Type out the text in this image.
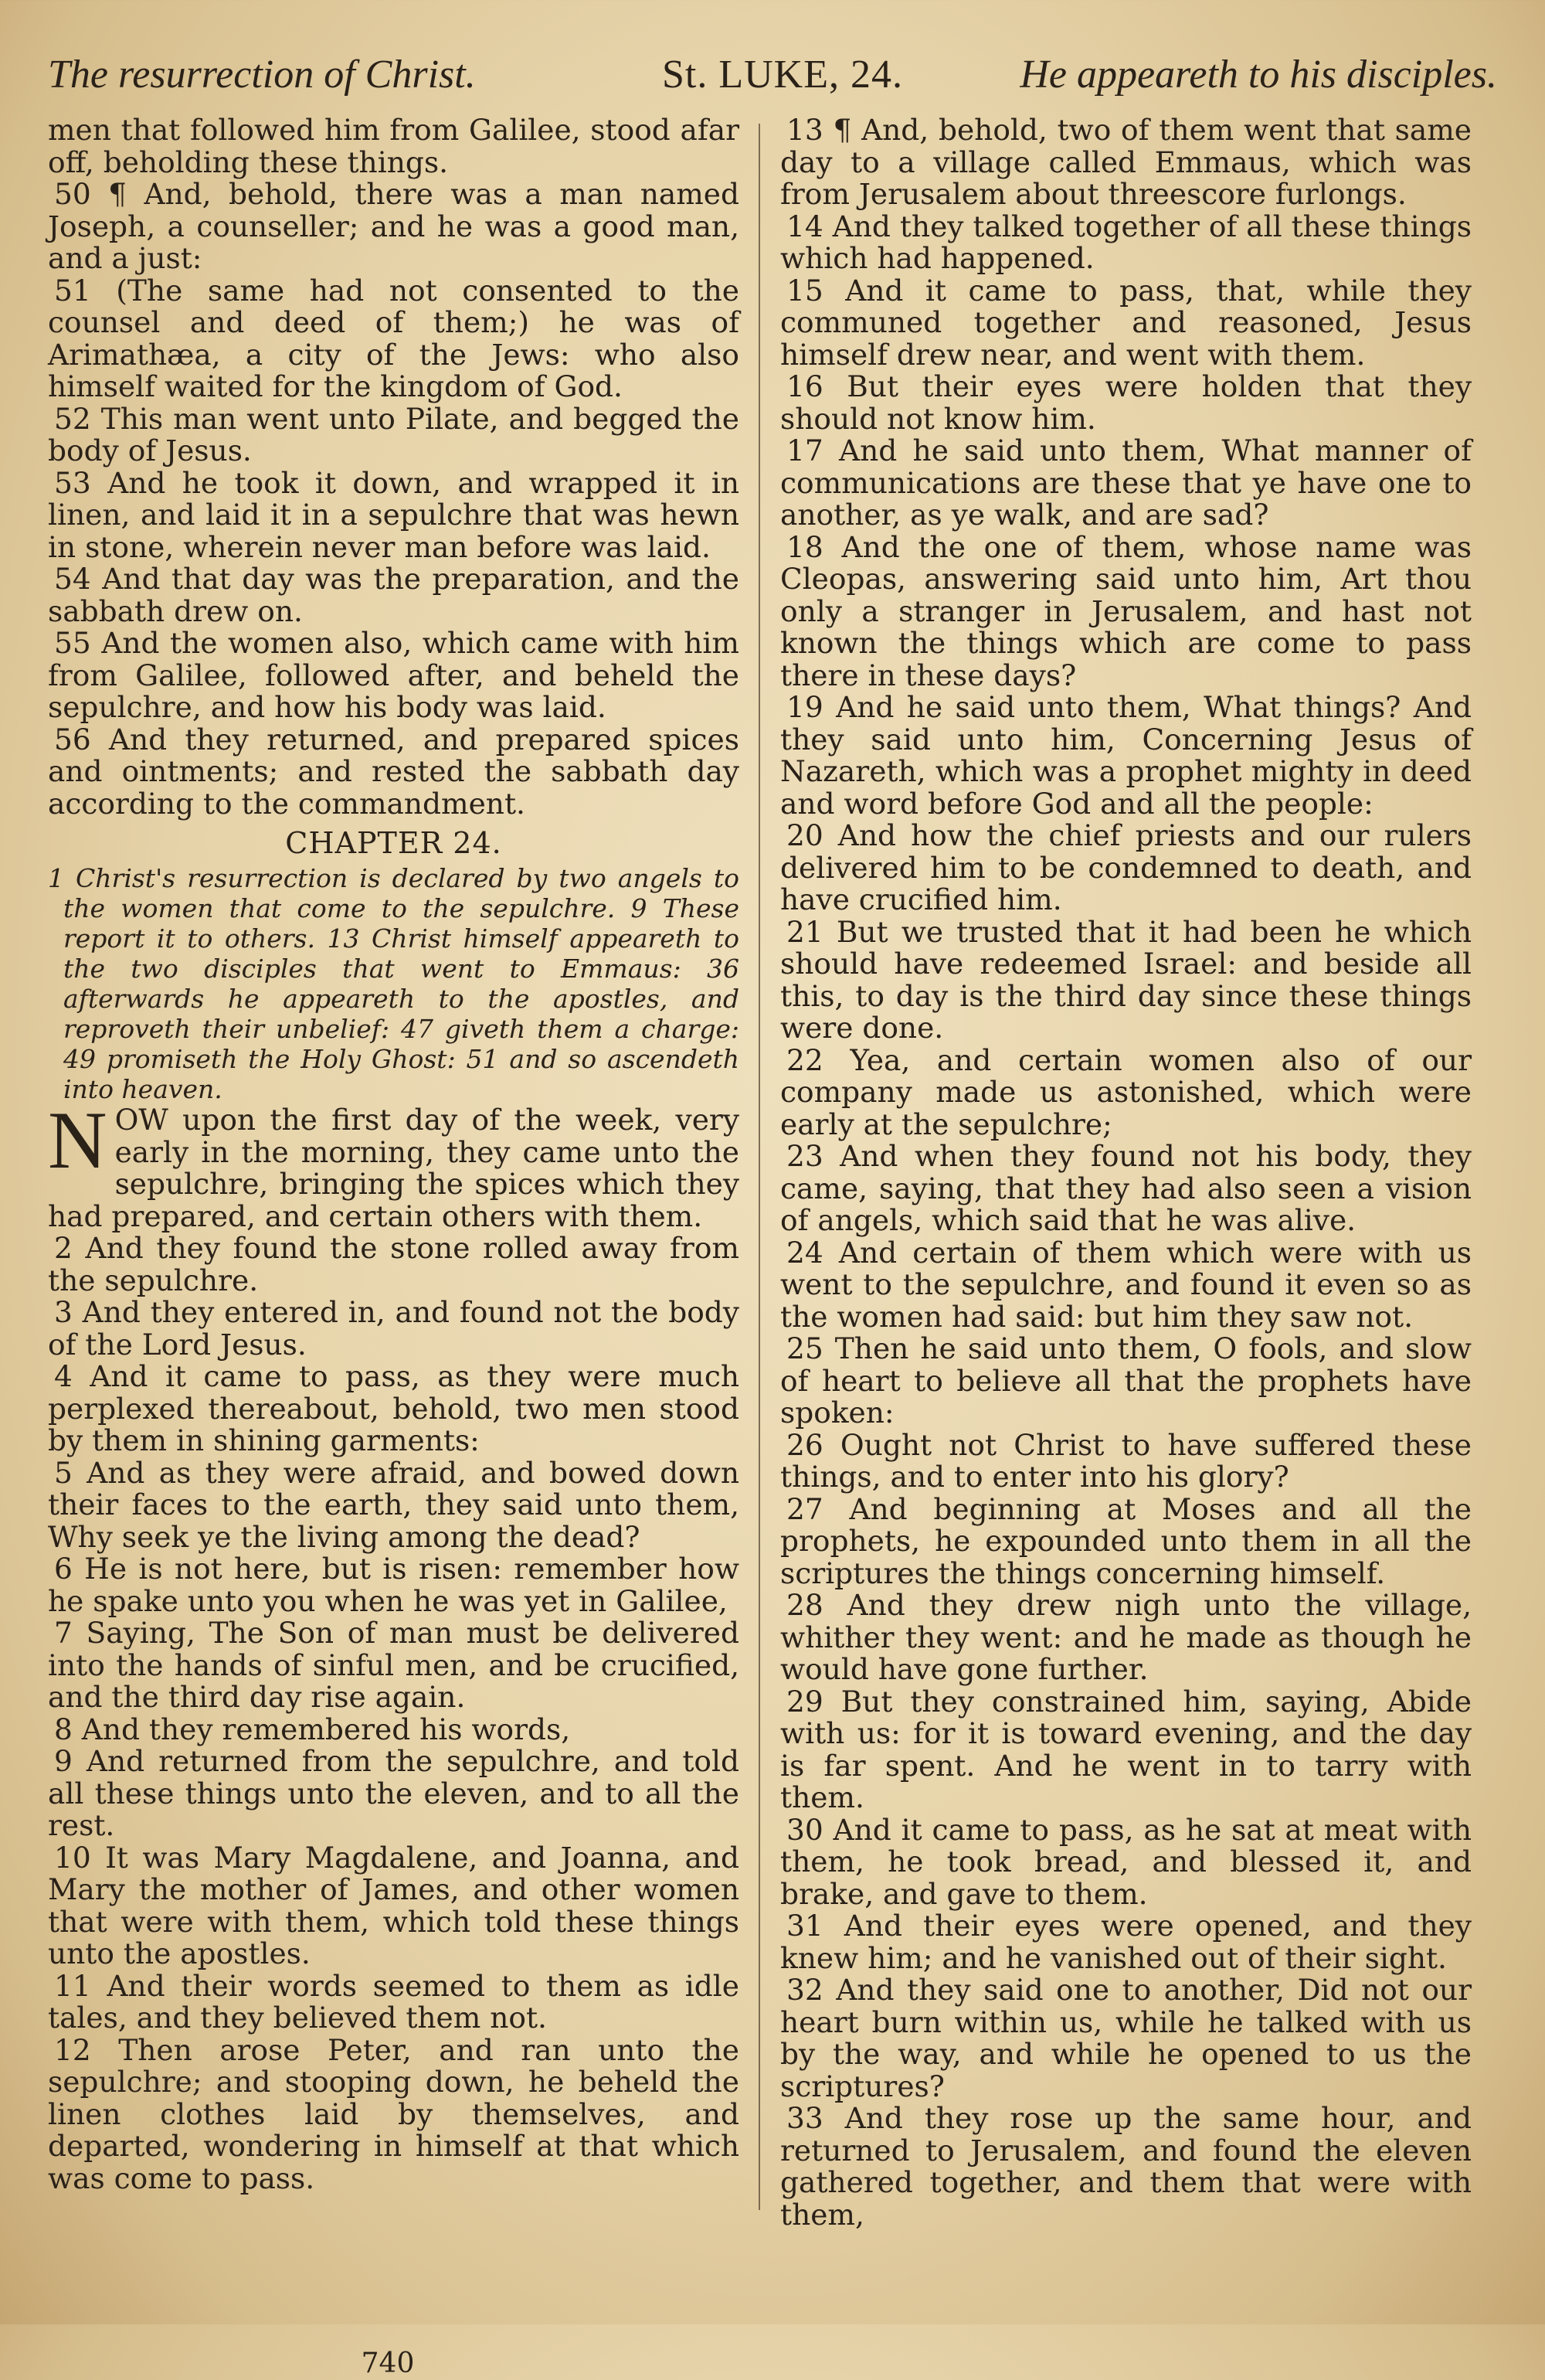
The resurrection of Christ.	St. LUKE, 24.	He appeareth to his disciples.

men that followed him from Galilee, stood afar off, beholding these things.

50 ¶ And, behold, there was a man named Joseph, a counseller; and he was a good man, and a just:

51 (The same had not consented to the counsel and deed of them;) he was of Arimathæa, a city of the Jews: who also himself waited for the kingdom of God.

52 This man went unto Pilate, and begged the body of Jesus.

53 And he took it down, and wrapped it in linen, and laid it in a sepulchre that was hewn in stone, wherein never man before was laid.

54 And that day was the preparation, and the sabbath drew on.

55 And the women also, which came with him from Galilee, followed after, and beheld the sepulchre, and how his body was laid.

56 And they returned, and prepared spices and ointments; and rested the sabbath day according to the commandment.

CHAPTER 24.

1 Christ's resurrection is declared by two angels to the women that come to the sepulchre. 9 These report it to others. 13 Christ himself appeareth to the two disciples that went to Emmaus: 36 afterwards he appeareth to the apostles, and reproveth their unbelief: 47 giveth them a charge: 49 promiseth the Holy Ghost: 51 and so ascendeth into heaven.

NOW upon the first day of the week, very early in the morning, they came unto the sepulchre, bringing the spices which they had prepared, and certain others with them.

2 And they found the stone rolled away from the sepulchre.

3 And they entered in, and found not the body of the Lord Jesus.

4 And it came to pass, as they were much perplexed thereabout, behold, two men stood by them in shining garments:

5 And as they were afraid, and bowed down their faces to the earth, they said unto them, Why seek ye the living among the dead?

6 He is not here, but is risen: remember how he spake unto you when he was yet in Galilee,

7 Saying, The Son of man must be delivered into the hands of sinful men, and be crucified, and the third day rise again.

8 And they remembered his words,

9 And returned from the sepulchre, and told all these things unto the eleven, and to all the rest.

10 It was Mary Magdalene, and Joanna, and Mary the mother of James, and other women that were with them, which told these things unto the apostles.

11 And their words seemed to them as idle tales, and they believed them not.

12 Then arose Peter, and ran unto the sepulchre; and stooping down, he beheld the linen clothes laid by themselves, and departed, wondering in himself at that which was come to pass.

740

13 ¶ And, behold, two of them went that same day to a village called Emmaus, which was from Jerusalem about threescore furlongs.

14 And they talked together of all these things which had happened.

15 And it came to pass, that, while they communed together and reasoned, Jesus himself drew near, and went with them.

16 But their eyes were holden that they should not know him.

17 And he said unto them, What manner of communications are these that ye have one to another, as ye walk, and are sad?

18 And the one of them, whose name was Cleopas, answering said unto him, Art thou only a stranger in Jerusalem, and hast not known the things which are come to pass there in these days?

19 And he said unto them, What things? And they said unto him, Concerning Jesus of Nazareth, which was a prophet mighty in deed and word before God and all the people:

20 And how the chief priests and our rulers delivered him to be condemned to death, and have crucified him.

21 But we trusted that it had been he which should have redeemed Israel: and beside all this, to day is the third day since these things were done.

22 Yea, and certain women also of our company made us astonished, which were early at the sepulchre;

23 And when they found not his body, they came, saying, that they had also seen a vision of angels, which said that he was alive.

24 And certain of them which were with us went to the sepulchre, and found it even so as the women had said: but him they saw not.

25 Then he said unto them, O fools, and slow of heart to believe all that the prophets have spoken:

26 Ought not Christ to have suffered these things, and to enter into his glory?

27 And beginning at Moses and all the prophets, he expounded unto them in all the scriptures the things concerning himself.

28 And they drew nigh unto the village, whither they went: and he made as though he would have gone further.

29 But they constrained him, saying, Abide with us: for it is toward evening, and the day is far spent. And he went in to tarry with them.

30 And it came to pass, as he sat at meat with them, he took bread, and blessed it, and brake, and gave to them.

31 And their eyes were opened, and they knew him; and he vanished out of their sight.

32 And they said one to another, Did not our heart burn within us, while he talked with us by the way, and while he opened to us the scriptures?

33 And they rose up the same hour, and returned to Jerusalem, and found the eleven gathered together, and them that were with them,
